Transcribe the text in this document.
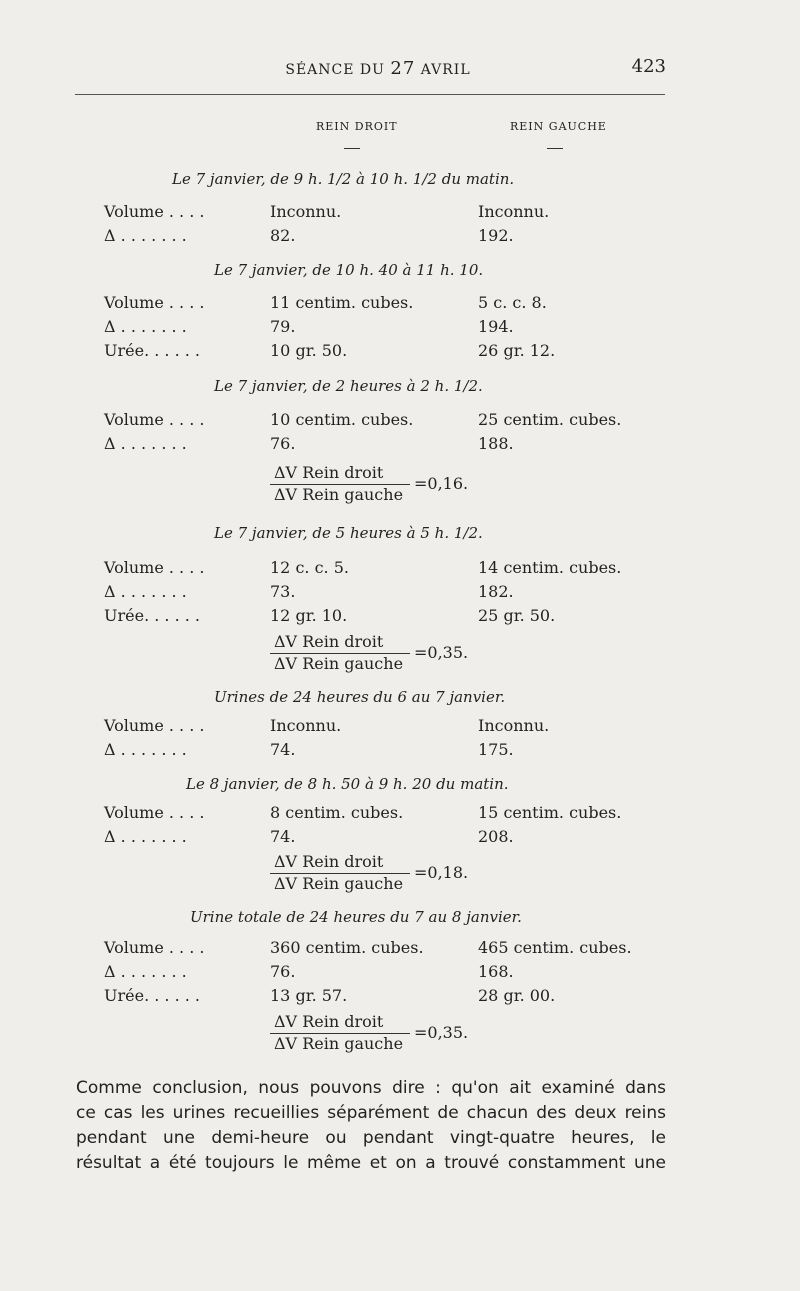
SÉANCE DU 27 AVRIL	423
REIN DROIT	REIN GAUCHE
Le 7 janvier, de 9 h. 1/2 à 10 h. 1/2 du matin.
Volume . . . .	Inconnu.	Inconnu.
Δ . . . . . . .	82.	192.
Le 7 janvier, de 10 h. 40 à 11 h. 10.
Volume . . . .	11 centim. cubes.	5 c. c. 8.
Δ . . . . . . .	79.	194.
Urée. . . . . .	10 gr. 50.	26 gr. 12.
Le 7 janvier, de 2 heures à 2 h. 1/2.
Volume . . . .	10 centim. cubes.	25 centim. cubes.
Δ . . . . . . .	76.	188.
ΔV Rein droit
ΔV Rein gauche
=0,16.
Le 7 janvier, de 5 heures à 5 h. 1/2.
Volume . . . .	12 c. c. 5.	14 centim. cubes.
Δ . . . . . . .	73.	182.
Urée. . . . . .	12 gr. 10.	25 gr. 50.
ΔV Rein droit
ΔV Rein gauche
=0,35.
Urines de 24 heures du 6 au 7 janvier.
Volume . . . .	Inconnu.	Inconnu.
Δ . . . . . . .	74.	175.
Le 8 janvier, de 8 h. 50 à 9 h. 20 du matin.
Volume . . . .	8 centim. cubes.	15 centim. cubes.
Δ . . . . . . .	74.	208.
ΔV Rein droit
ΔV Rein gauche
=0,18.
Urine totale de 24 heures du 7 au 8 janvier.
Volume . . . .	360 centim. cubes.	465 centim. cubes.
Δ . . . . . . .	76.	168.
Urée. . . . . .	13 gr. 57.	28 gr. 00.
ΔV Rein droit
ΔV Rein gauche
=0,35.
Comme conclusion, nous pouvons dire : qu'on ait examiné dans
ce cas les urines recueillies séparément de chacun des deux reins
pendant une demi-heure ou pendant vingt-quatre heures, le
résultat a été toujours le même et on a trouvé constamment une
